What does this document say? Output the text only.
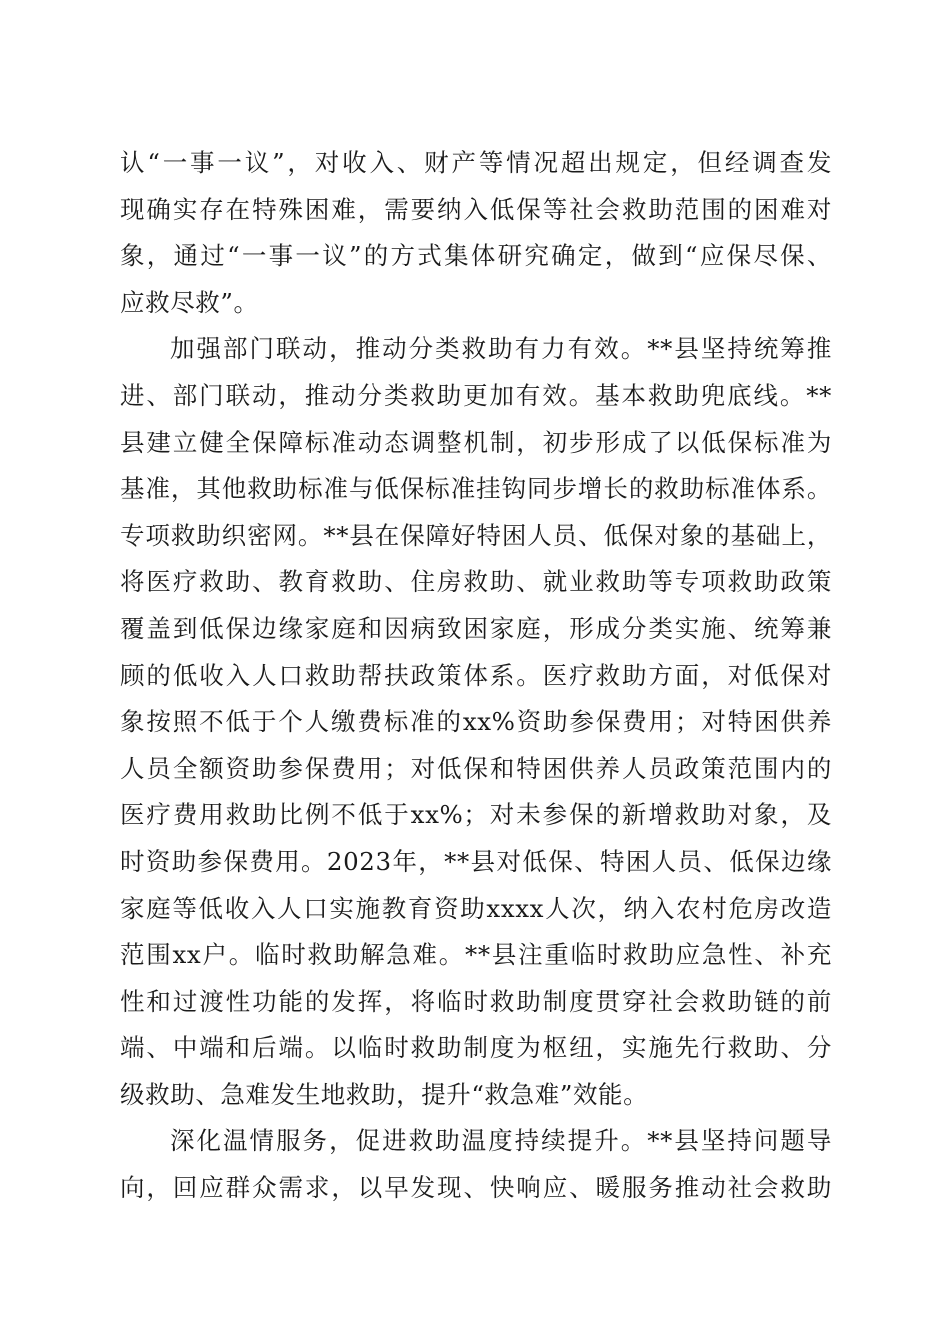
认“一事一议”，对收入、财产等情况超出规定，但经调查发
现确实存在特殊困难，需要纳入低保等社会救助范围的困难对
象，通过“一事一议”的方式集体研究确定，做到“应保尽保、
应救尽救”。
加强部门联动，推动分类救助有力有效。**县坚持统筹推
进、部门联动，推动分类救助更加有效。基本救助兜底线。**
县建立健全保障标准动态调整机制，初步形成了以低保标准为
基准，其他救助标准与低保标准挂钩同步增长的救助标准体系。
专项救助织密网。**县在保障好特困人员、低保对象的基础上，
将医疗救助、教育救助、住房救助、就业救助等专项救助政策
覆盖到低保边缘家庭和因病致困家庭，形成分类实施、统筹兼
顾的低收入人口救助帮扶政策体系。医疗救助方面，对低保对
象按照不低于个人缴费标准的xx%资助参保费用；对特困供养
人员全额资助参保费用；对低保和特困供养人员政策范围内的
医疗费用救助比例不低于xx%；对未参保的新增救助对象，及
时资助参保费用。2023年，**县对低保、特困人员、低保边缘
家庭等低收入人口实施教育资助xxxx人次，纳入农村危房改造
范围xx户。临时救助解急难。**县注重临时救助应急性、补充
性和过渡性功能的发挥，将临时救助制度贯穿社会救助链的前
端、中端和后端。以临时救助制度为枢纽，实施先行救助、分
级救助、急难发生地救助，提升“救急难”效能。
深化温情服务，促进救助温度持续提升。**县坚持问题导
向，回应群众需求，以早发现、快响应、暖服务推动社会救助
